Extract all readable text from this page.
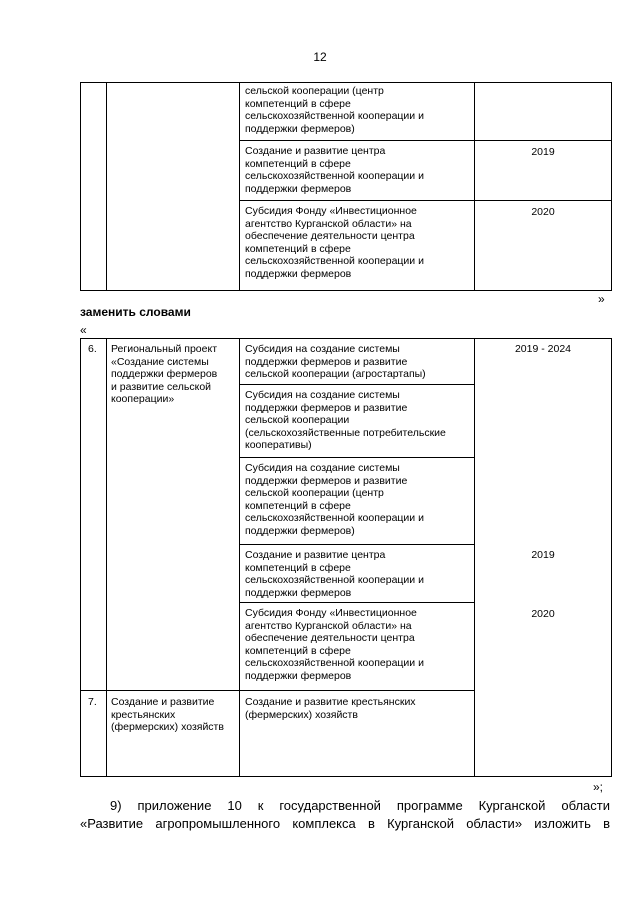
12
сельской кооперации (центр
компетенций в сфере
сельскохозяйственной кооперации и
поддержки фермеров)
Создание и развитие центра
компетенций в сфере
сельскохозяйственной кооперации и
поддержки фермеров
2019
Субсидия Фонду «Инвестиционное
агентство Курганской области» на
обеспечение деятельности центра
компетенций в сфере
сельскохозяйственной кооперации и
поддержки фермеров
2020
»
заменить словами
«
6. Региональный проект
«Создание системы
поддержки фермеров
и развитие сельской
кооперации»
2019 - 2024
Субсидия на создание системы
поддержки фермеров и развитие
сельской кооперации (агростартапы)
Субсидия на создание системы
поддержки фермеров и развитие
сельской кооперации
(сельскохозяйственные потребительские
кооперативы)
Субсидия на создание системы
поддержки фермеров и развитие
сельской кооперации (центр
компетенций в сфере
сельскохозяйственной кооперации и
поддержки фермеров)
Создание и развитие центра
компетенций в сфере
сельскохозяйственной кооперации и
поддержки фермеров
2019
Субсидия Фонду «Инвестиционное
агентство Курганской области» на
обеспечение деятельности центра
компетенций в сфере
сельскохозяйственной кооперации и
поддержки фермеров
2020
7. Создание и развитие
крестьянских
(фермерских) хозяйств
Создание и развитие крестьянских
(фермерских) хозяйств
»;
9) приложение 10 к государственной программе Курганской области
«Развитие агропромышленного комплекса в Курганской области» изложить в
